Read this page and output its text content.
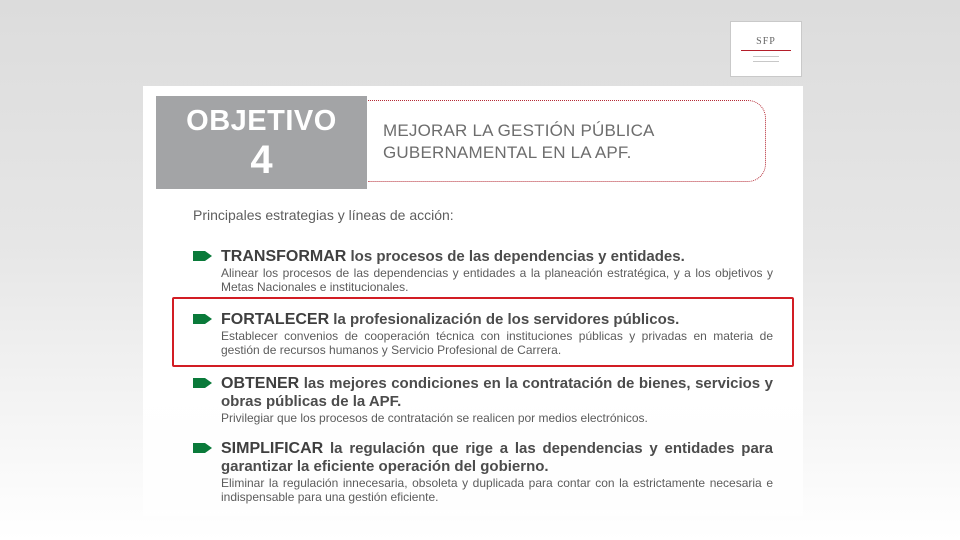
SFP
OBJETIVO
4
MEJORAR LA GESTIÓN PÚBLICA
GUBERNAMENTAL EN LA APF.
Principales estrategias y líneas de acción:
TRANSFORMAR los procesos de las dependencias y entidades.
Alinear los procesos de las dependencias y entidades a la planeación estratégica, y a los objetivos y Metas Nacionales e institucionales.
FORTALECER la profesionalización de los servidores públicos.
Establecer convenios de cooperación técnica con instituciones públicas y privadas en materia de gestión de recursos humanos y Servicio Profesional de Carrera.
OBTENER las mejores condiciones en la contratación de bienes, servicios y obras públicas de la APF.
Privilegiar que los procesos de contratación se realicen por medios electrónicos.
SIMPLIFICAR la regulación que rige a las dependencias y entidades para garantizar la eficiente operación del gobierno.
Eliminar la regulación innecesaria, obsoleta y duplicada para contar con la estrictamente necesaria e indispensable para una gestión eficiente.
